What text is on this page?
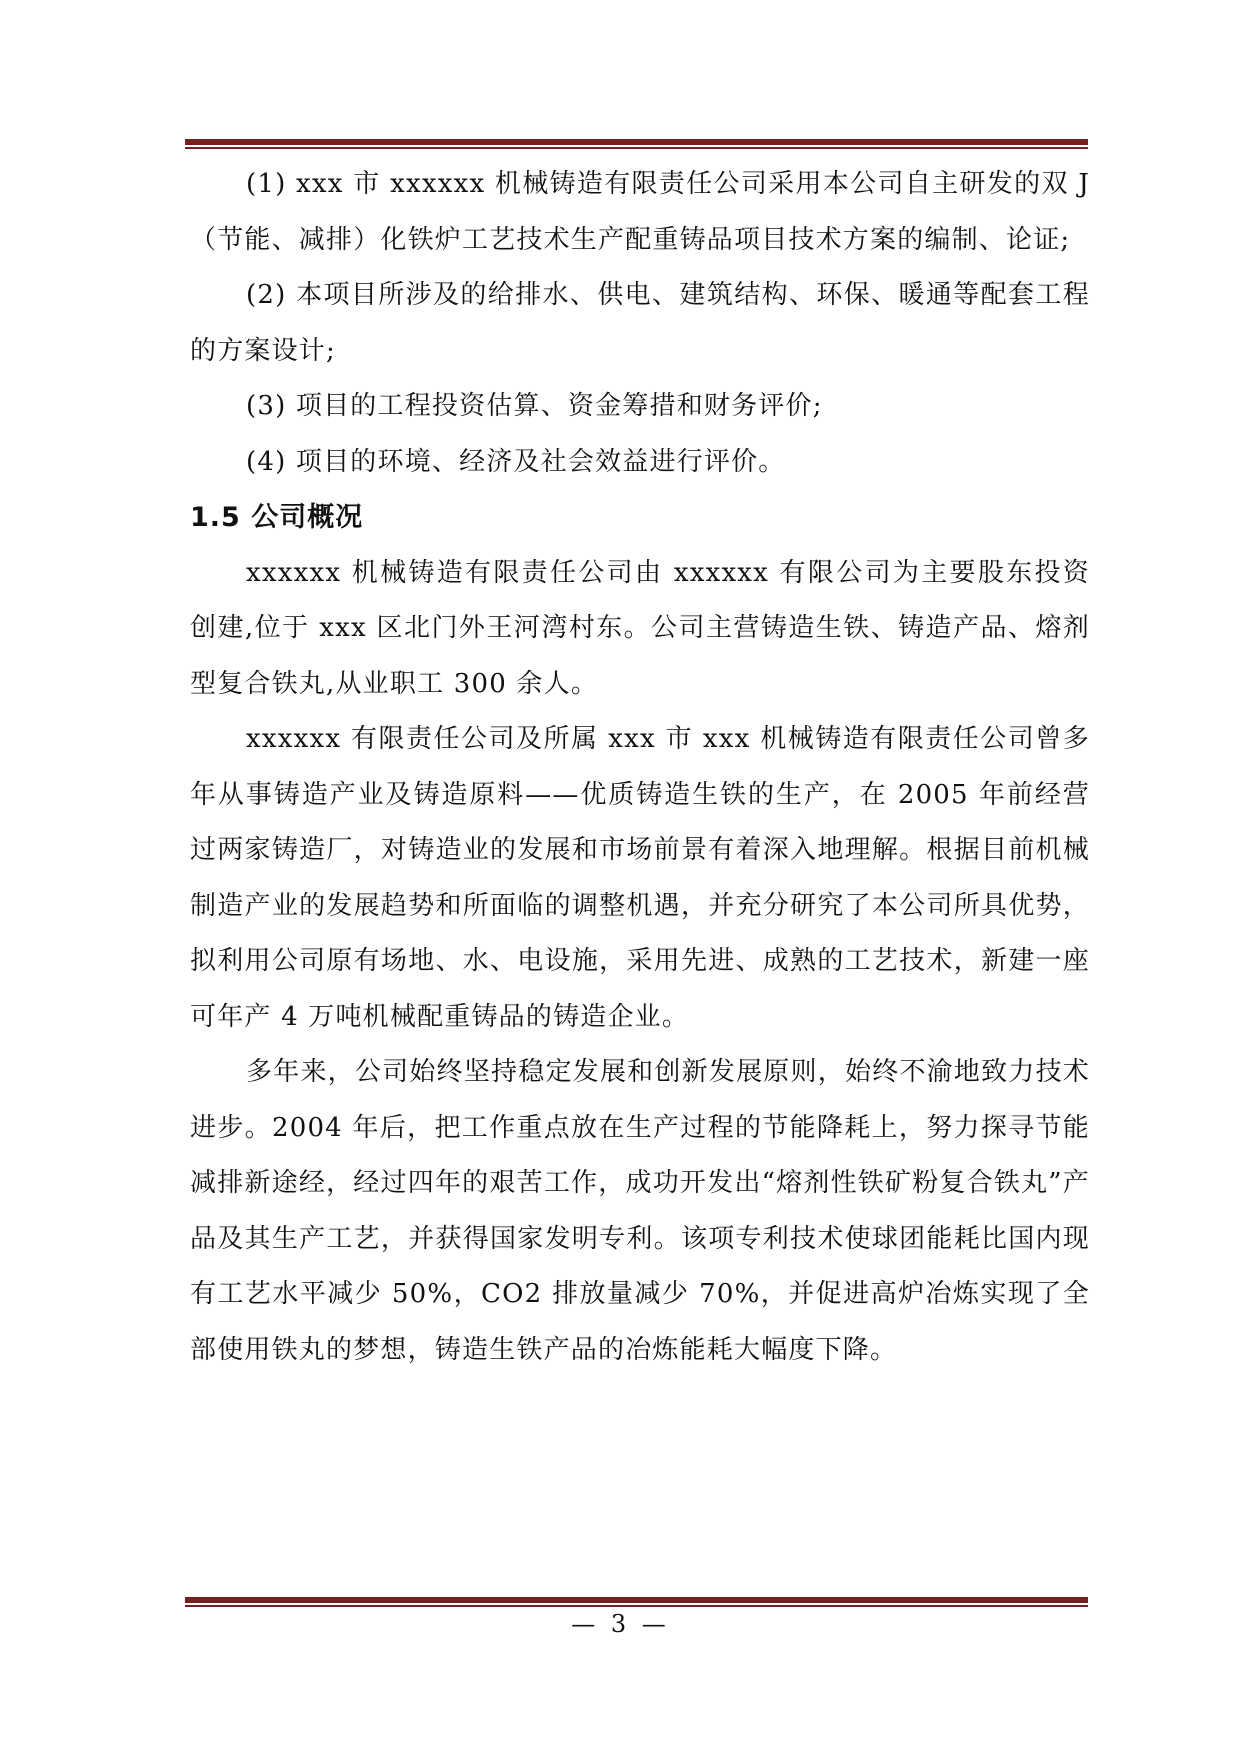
(1) xxx 市 xxxxxx 机械铸造有限责任公司采用本公司自主研发的双 J（节能、减排）化铁炉工艺技术生产配重铸品项目技术方案的编制、论证;

(2) 本项目所涉及的给排水、供电、建筑结构、环保、暖通等配套工程的方案设计;

(3) 项目的工程投资估算、资金筹措和财务评价;

(4) 项目的环境、经济及社会效益进行评价。

1.5 公司概况

xxxxxx 机械铸造有限责任公司由 xxxxxx 有限公司为主要股东投资创建,位于 xxx 区北门外王河湾村东。公司主营铸造生铁、铸造产品、熔剂型复合铁丸,从业职工 300 余人。

xxxxxx 有限责任公司及所属 xxx 市 xxx 机械铸造有限责任公司曾多年从事铸造产业及铸造原料——优质铸造生铁的生产，在 2005 年前经营过两家铸造厂，对铸造业的发展和市场前景有着深入地理解。根据目前机械制造产业的发展趋势和所面临的调整机遇，并充分研究了本公司所具优势，拟利用公司原有场地、水、电设施，采用先进、成熟的工艺技术，新建一座可年产 4 万吨机械配重铸品的铸造企业。

多年来，公司始终坚持稳定发展和创新发展原则，始终不渝地致力技术进步。2004 年后，把工作重点放在生产过程的节能降耗上，努力探寻节能减排新途经，经过四年的艰苦工作，成功开发出“熔剂性铁矿粉复合铁丸”产品及其生产工艺，并获得国家发明专利。该项专利技术使球团能耗比国内现有工艺水平减少 50%，CO2 排放量减少 70%，并促进高炉冶炼实现了全部使用铁丸的梦想，铸造生铁产品的冶炼能耗大幅度下降。

— 3 —
